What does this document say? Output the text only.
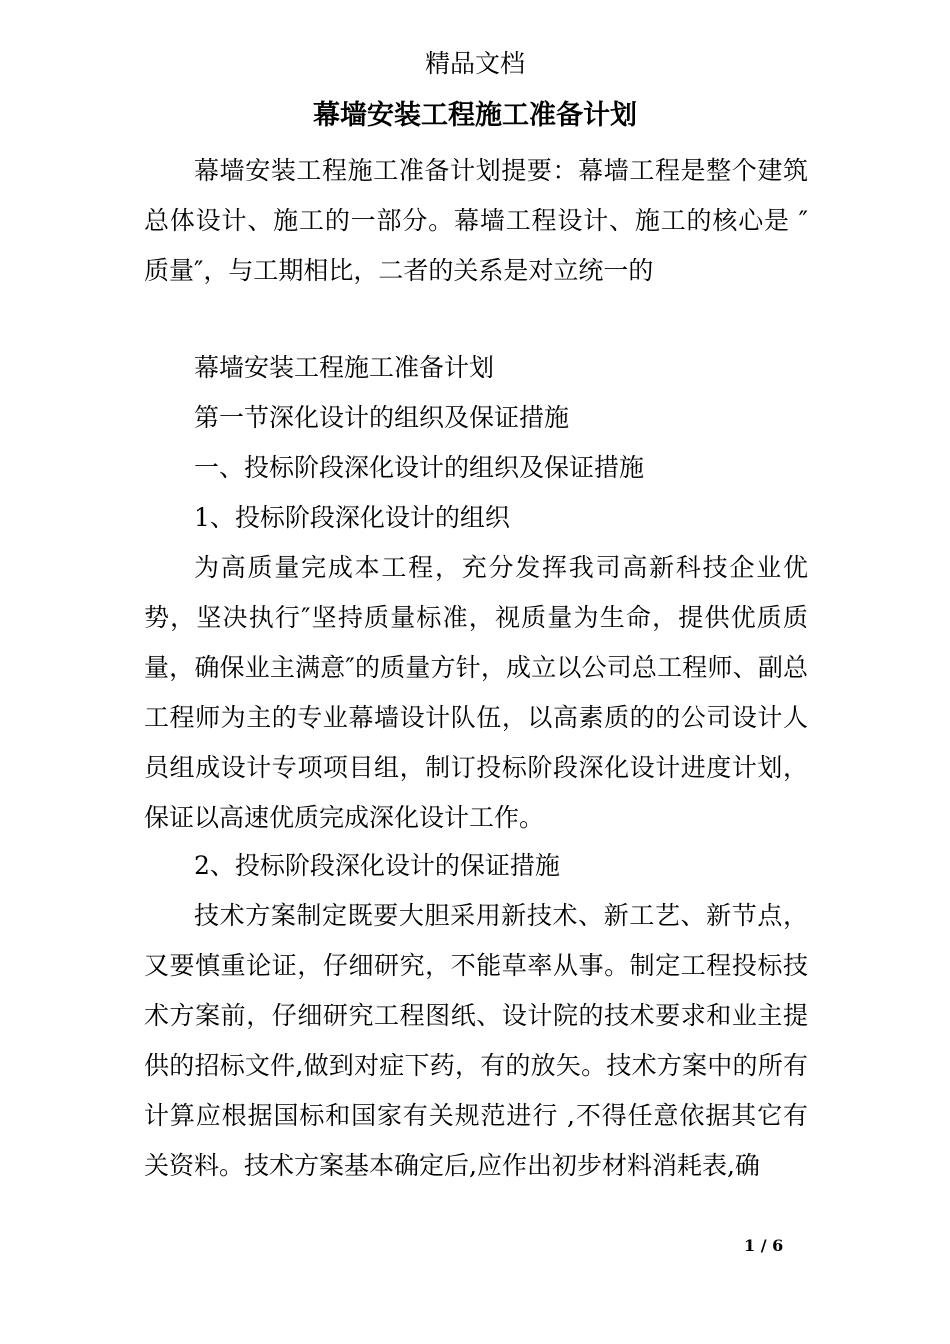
精品文档
幕墙安装工程施工准备计划

幕墙安装工程施工准备计划提要：幕墙工程是整个建筑总体设计、施工的一部分。幕墙工程设计、施工的核心是 ″质量″，与工期相比，二者的关系是对立统一的

幕墙安装工程施工准备计划

第一节深化设计的组织及保证措施

一、投标阶段深化设计的组织及保证措施

1、投标阶段深化设计的组织

为高质量完成本工程，充分发挥我司高新科技企业优势，坚决执行″坚持质量标准，视质量为生命，提供优质质量，确保业主满意″的质量方针，成立以公司总工程师、副总工程师为主的专业幕墙设计队伍，以高素质的的公司设计人员组成设计专项项目组，制订投标阶段深化设计进度计划，保证以高速优质完成深化设计工作。

2、投标阶段深化设计的保证措施

技术方案制定既要大胆采用新技术、新工艺、新节点，又要慎重论证，仔细研究，不能草率从事。制定工程投标技术方案前，仔细研究工程图纸、设计院的技术要求和业主提供的招标文件,做到对症下药，有的放矢。技术方案中的所有计算应根据国标和国家有关规范进行 ,不得任意依据其它有关资料。技术方案基本确定后,应作出初步材料消耗表,确

1 / 6
